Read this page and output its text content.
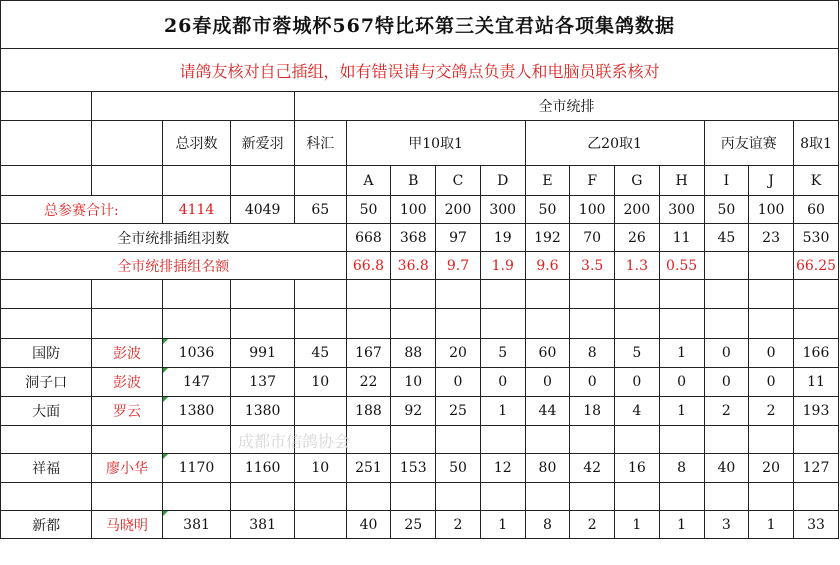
26春成都市蓉城杯567特比环第三关宜君站各项集鸽数据															
请鸽友核对自己插组，如有错误请与交鸽点负责人和电脑员联系核对															
				全市统排											
		总羽数	新爱羽	科汇	甲10取1				乙20取1				丙友谊赛		8取1
					A	B	C	D	E	F	G	H	I	J	K
总参赛合计:		4114	4049	65	50	100	200	300	50	100	200	300	50	100	60
全市统排插组羽数					668	368	97	19	192	70	26	11	45	23	530
全市统排插组名额					66.8	36.8	9.7	1.9	9.6	3.5	1.3	0.55			66.25

国防	彭波	1036	991	45	167	88	20	5	60	8	5	1	0	0	166
洞子口	彭波	147	137	10	22	10	0	0	0	0	0	0	0	0	11
大面	罗云	1380	1380		188	92	25	1	44	18	4	1	2	2	193

祥福	廖小华	1170	1160	10	251	153	50	12	80	42	16	8	40	20	127

新都	马晓明	381	381		40	25	2	1	8	2	1	1	3	1	33
成都市信鸽协会
